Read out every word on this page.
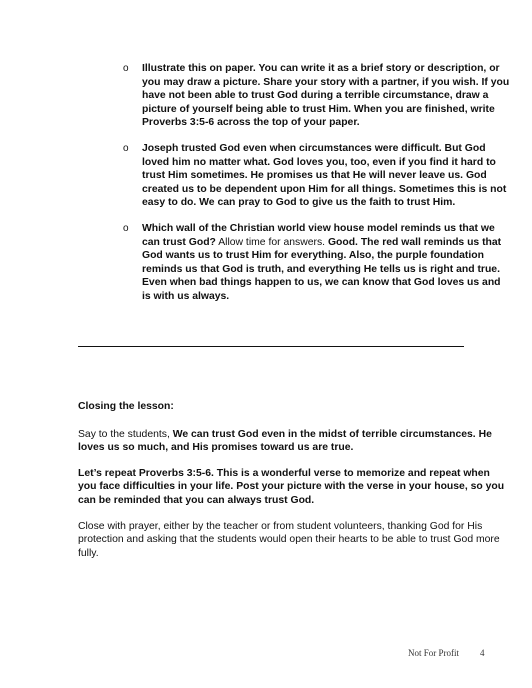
o Illustrate this on paper. You can write it as a brief story or description, or you may draw a picture. Share your story with a partner, if you wish. If you have not been able to trust God during a terrible circumstance, draw a picture of yourself being able to trust Him. When you are finished, write Proverbs 3:5-6 across the top of your paper.
o Joseph trusted God even when circumstances were difficult. But God loved him no matter what. God loves you, too, even if you find it hard to trust Him sometimes. He promises us that He will never leave us. God created us to be dependent upon Him for all things. Sometimes this is not easy to do. We can pray to God to give us the faith to trust Him.
o Which wall of the Christian world view house model reminds us that we can trust God? Allow time for answers. Good. The red wall reminds us that God wants us to trust Him for everything. Also, the purple foundation reminds us that God is truth, and everything He tells us is right and true. Even when bad things happen to us, we can know that God loves us and is with us always.

Closing the lesson:

Say to the students, We can trust God even in the midst of terrible circumstances. He loves us so much, and His promises toward us are true.

Let’s repeat Proverbs 3:5-6. This is a wonderful verse to memorize and repeat when you face difficulties in your life. Post your picture with the verse in your house, so you can be reminded that you can always trust God.

Close with prayer, either by the teacher or from student volunteers, thanking God for His protection and asking that the students would open their hearts to be able to trust God more fully.

Not For Profit 4
